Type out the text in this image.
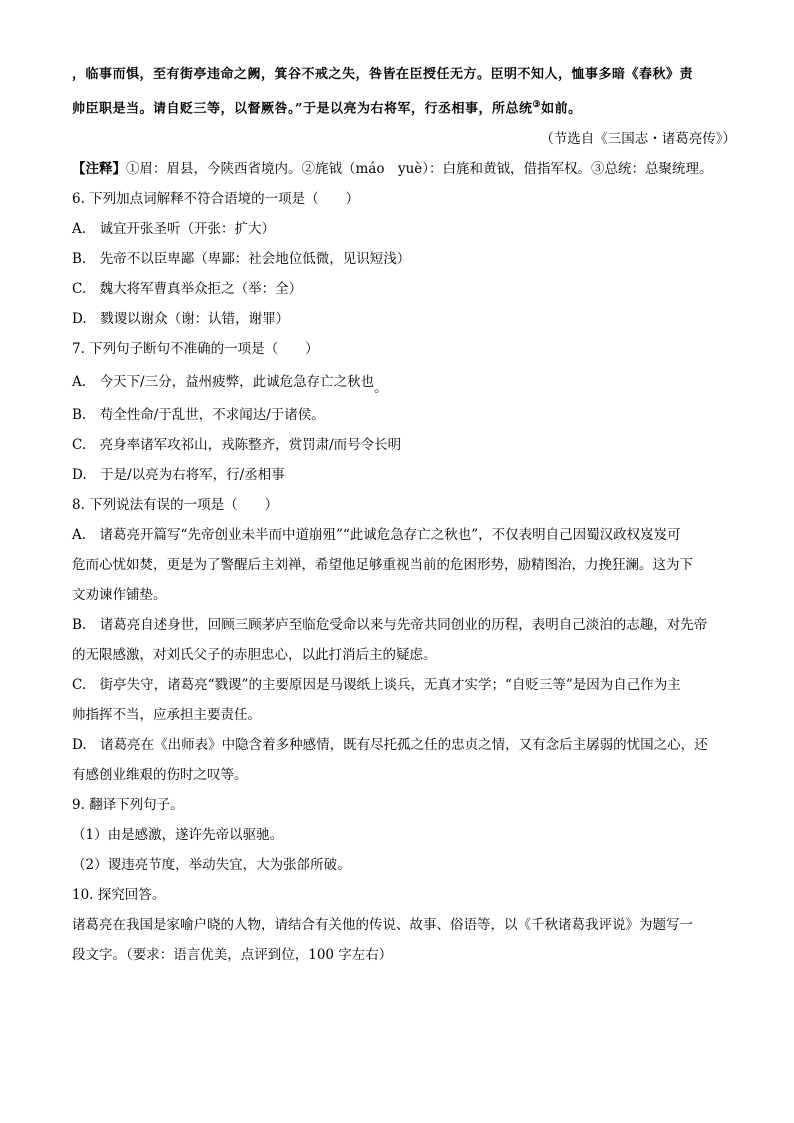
，临事而惧，至有街亭违命之阙，箕谷不戒之失，咎皆在臣授任无方。臣明不知人，恤事多暗《春秋》责
帅臣职是当。请自贬三等，以督厥咎。”于是以亮为右将军，行丞相事，所总统③如前。
（节选自《三国志・诸葛亮传》）
【注释】①眉：眉县，今陕西省境内。②旄钺（máo　yuè）：白旄和黄钺，借指军权。③总统：总聚统理。
6. 下列加点词解释不符合语境的一项是（　　）
A.　诚宜开张圣听（开张：扩大）
B.　先帝不以臣卑鄙（卑鄙：社会地位低微，见识短浅）
C.　魏大将军曹真举众拒之（举：全）
D.　戮谡以谢众（谢：认错，谢罪）
7. 下列句子断句不准确的一项是（　　）
A.　今天下/三分，益州疲弊，此诚危急存亡之秋也。
B.　苟全性命/于乱世，不求闻达/于诸侯。
C.　亮身率诸军攻祁山，戎陈整齐，赏罚肃/而号令长明
D.　于是/以亮为右将军，行/丞相事
8. 下列说法有误的一项是（　　）
A.　诸葛亮开篇写“先帝创业未半而中道崩殂”“此诚危急存亡之秋也”，不仅表明自己因蜀汉政权岌岌可
危而心忧如焚，更是为了警醒后主刘禅，希望他足够重视当前的危困形势，励精图治，力挽狂澜。这为下
文劝谏作铺垫。
B.　诸葛亮自述身世，回顾三顾茅庐至临危受命以来与先帝共同创业的历程，表明自己淡泊的志趣，对先帝
的无限感激，对刘氏父子的赤胆忠心，以此打消后主的疑虑。
C.　街亭失守，诸葛亮“戮谡”的主要原因是马谡纸上谈兵，无真才实学；“自贬三等”是因为自己作为主
帅指挥不当，应承担主要责任。
D.　诸葛亮在《出师表》中隐含着多种感情，既有尽托孤之任的忠贞之情，又有念后主孱弱的忧国之心，还
有感创业维艰的伤时之叹等。
9. 翻译下列句子。
（1）由是感激，遂许先帝以驱驰。
（2）谡违亮节度，举动失宜，大为张郃所破。
10. 探究回答。
诸葛亮在我国是家喻户晓的人物，请结合有关他的传说、故事、俗语等，以《千秋诸葛我评说》为题写一
段文字。（要求：语言优美，点评到位，100 字左右）
